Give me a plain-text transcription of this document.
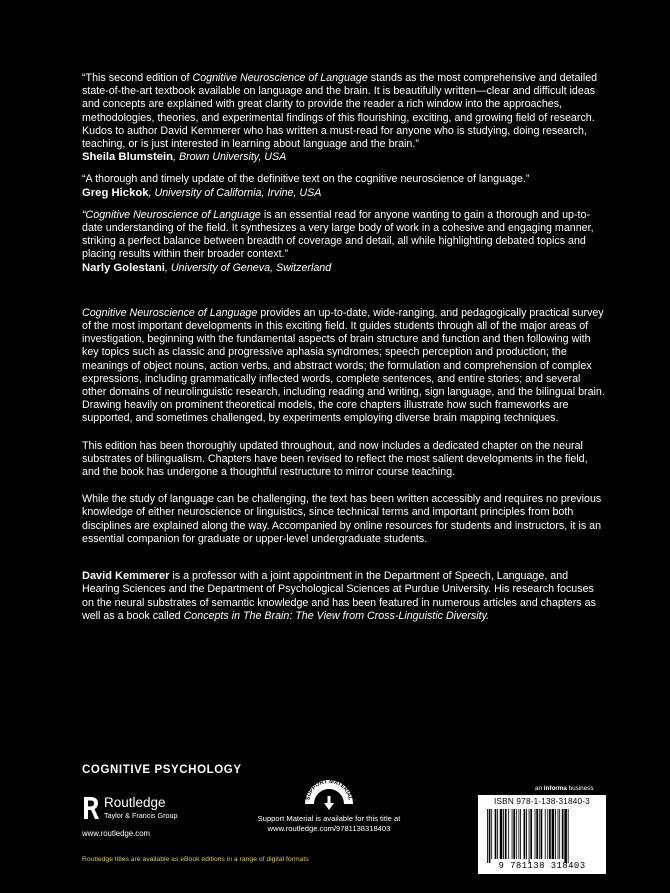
“This second edition of Cognitive Neuroscience of Language stands as the most comprehensive and detailed state-of-the-art textbook available on language and the brain. It is beautifully written—clear and difficult ideas and concepts are explained with great clarity to provide the reader a rich window into the approaches, methodologies, theories, and experimental findings of this flourishing, exciting, and growing field of research. Kudos to author David Kemmerer who has written a must-read for anyone who is studying, doing research, teaching, or is just interested in learning about language and the brain.”

Sheila Blumstein, Brown University, USA

“A thorough and timely update of the definitive text on the cognitive neuroscience of language.”

Greg Hickok, University of California, Irvine, USA

“Cognitive Neuroscience of Language is an essential read for anyone wanting to gain a thorough and up-to-date understanding of the field. It synthesizes a very large body of work in a cohesive and engaging manner, striking a perfect balance between breadth of coverage and detail, all while highlighting debated topics and placing results within their broader context.”

Narly Golestani, University of Geneva, Switzerland

Cognitive Neuroscience of Language provides an up-to-date, wide-ranging, and pedagogically practical survey of the most important developments in this exciting field. It guides students through all of the major areas of investigation, beginning with the fundamental aspects of brain structure and function and then following with key topics such as classic and progressive aphasia syndromes; speech perception and production; the meanings of object nouns, action verbs, and abstract words; the formulation and comprehension of complex expressions, including grammatically inflected words, complete sentences, and entire stories; and several other domains of neurolinguistic research, including reading and writing, sign language, and the bilingual brain. Drawing heavily on prominent theoretical models, the core chapters illustrate how such frameworks are supported, and sometimes challenged, by experiments employing diverse brain mapping techniques.

This edition has been thoroughly updated throughout, and now includes a dedicated chapter on the neural substrates of bilingualism. Chapters have been revised to reflect the most salient developments in the field, and the book has undergone a thoughtful restructure to mirror course teaching.

While the study of language can be challenging, the text has been written accessibly and requires no previous knowledge of either neuroscience or linguistics, since technical terms and important principles from both disciplines are explained along the way. Accompanied by online resources for students and instructors, it is an essential companion for graduate or upper-level undergraduate students.

David Kemmerer is a professor with a joint appointment in the Department of Speech, Language, and Hearing Sciences and the Department of Psychological Sciences at Purdue University. His research focuses on the neural substrates of semantic knowledge and has been featured in numerous articles and chapters as well as a book called Concepts in The Brain: The View from Cross-Linguistic Diversity.

COGNITIVE PSYCHOLOGY
Routledge
Taylor & Francis Group
www.routledge.com
Routledge titles are available as eBook editions in a range of digital formats
SUPPORT MATERIAL
Support Material is available for this title at
www.routledge.com/9781138318403
an informa business
ISBN 978-1-138-31840-3
9 781138 318403
